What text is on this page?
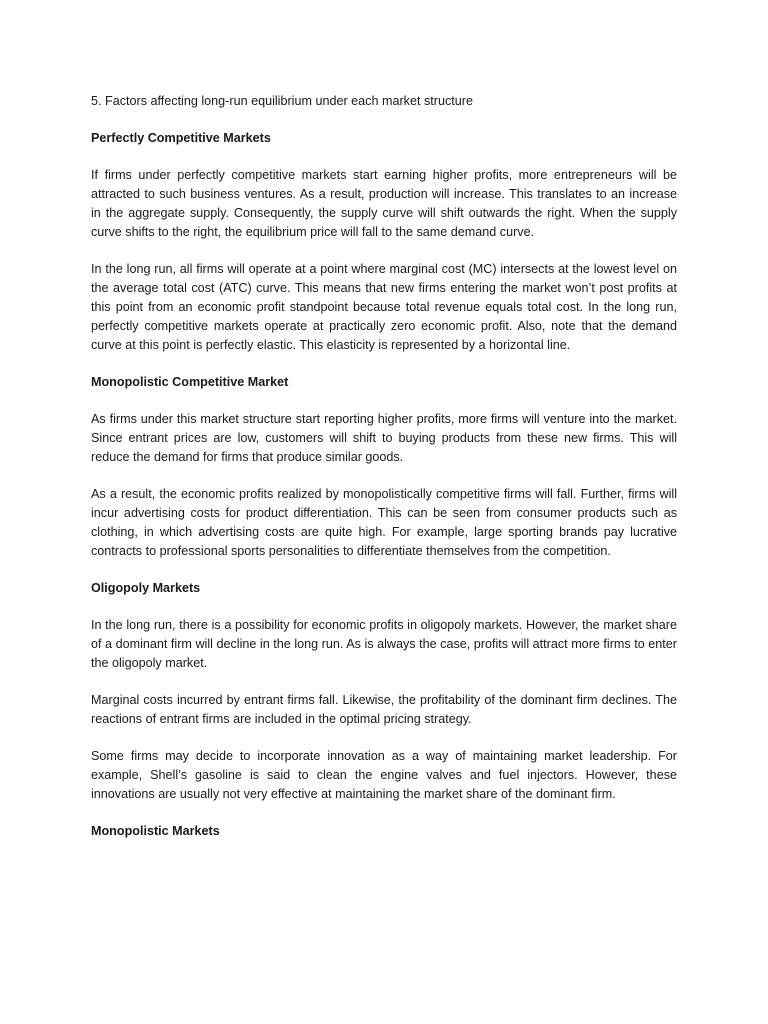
5. Factors affecting long-run equilibrium under each market structure

Perfectly Competitive Markets

If firms under perfectly competitive markets start earning higher profits, more entrepreneurs will be attracted to such business ventures. As a result, production will increase. This translates to an increase in the aggregate supply. Consequently, the supply curve will shift outwards the right. When the supply curve shifts to the right, the equilibrium price will fall to the same demand curve.

In the long run, all firms will operate at a point where marginal cost (MC) intersects at the lowest level on the average total cost (ATC) curve. This means that new firms entering the market won’t post profits at this point from an economic profit standpoint because total revenue equals total cost. In the long run, perfectly competitive markets operate at practically zero economic profit. Also, note that the demand curve at this point is perfectly elastic. This elasticity is represented by a horizontal line.

Monopolistic Competitive Market

As firms under this market structure start reporting higher profits, more firms will venture into the market. Since entrant prices are low, customers will shift to buying products from these new firms. This will reduce the demand for firms that produce similar goods.

As a result, the economic profits realized by monopolistically competitive firms will fall. Further, firms will incur advertising costs for product differentiation. This can be seen from consumer products such as clothing, in which advertising costs are quite high. For example, large sporting brands pay lucrative contracts to professional sports personalities to differentiate themselves from the competition.

Oligopoly Markets

In the long run, there is a possibility for economic profits in oligopoly markets. However, the market share of a dominant firm will decline in the long run. As is always the case, profits will attract more firms to enter the oligopoly market.

Marginal costs incurred by entrant firms fall. Likewise, the profitability of the dominant firm declines. The reactions of entrant firms are included in the optimal pricing strategy.

Some firms may decide to incorporate innovation as a way of maintaining market leadership. For example, Shell’s gasoline is said to clean the engine valves and fuel injectors. However, these innovations are usually not very effective at maintaining the market share of the dominant firm.

Monopolistic Markets
